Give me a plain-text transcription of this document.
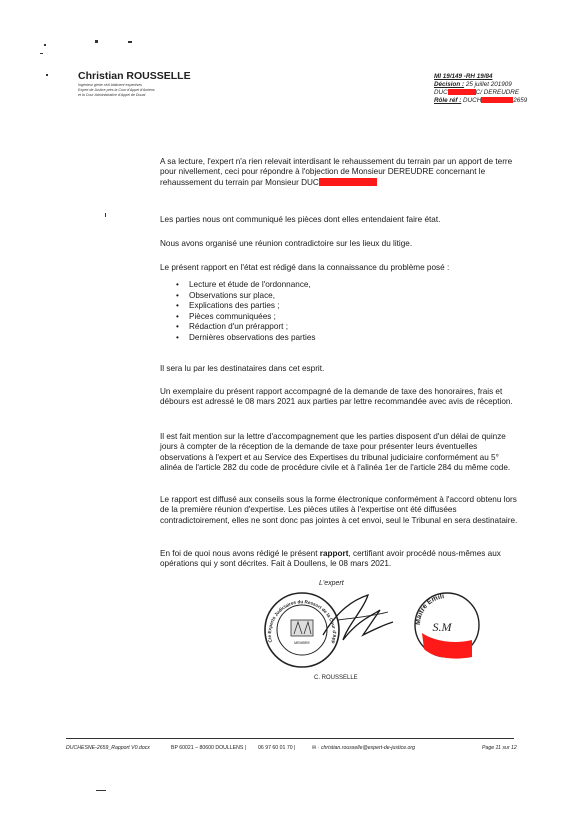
Christian ROUSSELLE
Ingénieur génie civil bâtiment expertises
Expert de Justice près la Cour d'Appel d'Amiens
et la Cour Administrative d'Appel de Douai
MI 19/149 -RH 19/84
Décision : 25 juillet 201909
DUC	C/ DEREUDRE
Rôle réf : DUCH	2659

A sa lecture, l'expert n'a rien relevait interdisant le rehaussement du terrain par un apport de terre pour nivellement, ceci pour répondre à l'objection de Monsieur DEREUDRE concernant le rehaussement du terrain par Monsieur DUC

Les parties nous ont communiqué les pièces dont elles entendaient faire état.

Nous avons organisé une réunion contradictoire sur les lieux du litige.

Le présent rapport en l'état est rédigé dans la connaissance du problème posé :

• Lecture et étude de l'ordonnance,
• Observations sur place,
• Explications des parties ;
• Pièces communiquées ;
• Rédaction d'un prérapport ;
• Dernières observations des parties

Il sera lu par les destinataires dans cet esprit.

Un exemplaire du présent rapport accompagné de la demande de taxe des honoraires, frais et débours est adressé le 08 mars 2021 aux parties par lettre recommandée avec avis de réception.

Il est fait mention sur la lettre d'accompagnement que les parties disposent d'un délai de quinze jours à compter de la réception de la demande de taxe pour présenter leurs éventuelles observations à l'expert et au Service des Expertises du tribunal judiciaire conformément au 5° alinéa de l'article 282 du code de procédure civile et à l'alinéa 1er de l'article 284 du même code.

Le rapport est diffusé aux conseils sous la forme électronique conformément à l'accord obtenu lors de la première réunion d'expertise. Les pièces utiles à l'expertise ont été diffusées contradictoirement, elles ne sont donc pas jointes à cet envoi, seul le Tribunal en sera destinataire.

En foi de quoi nous avons rédigé le présent rapport, certifiant avoir procédé nous-mêmes aux opérations qui y sont décrites. Fait à Doullens, le 08 mars 2021.

L'expert
Cie Experts Judiciaires du Ressort de la Cour d'App
MEMBRE
Maître Emili
S.M
C. ROUSSELLE
DUCHESNE-2659_Rapport V0.docx	BP 60021 – 80600 DOULLENS | 06 97 60 01 70 |	✉ · christian.rousselle@expert-de-justice.org	Page 11 sur 12
